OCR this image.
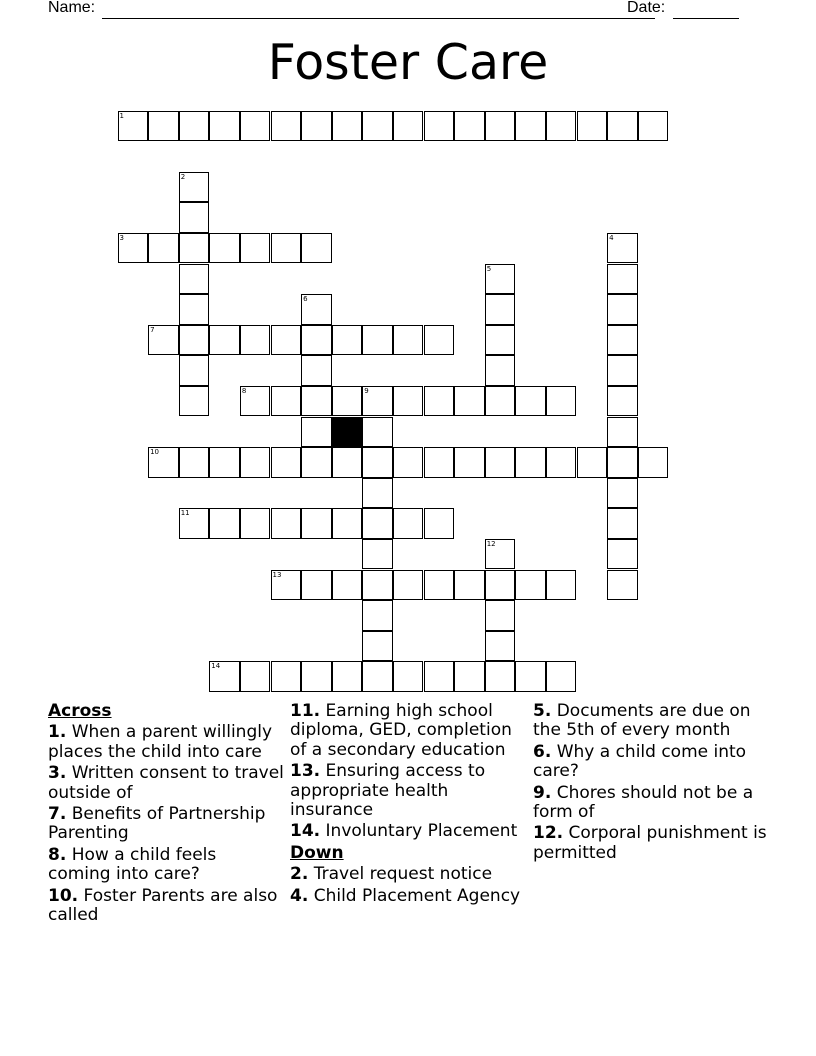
Name:	Date:
Foster Care
1
2
3	4
5
6
7
8	9
10
11
12
13
14
Across
1. When a parent willingly places the child into care
3. Written consent to travel outside of
7. Benefits of Partnership Parenting
8. How a child feels coming into care?
10. Foster Parents are also called
11. Earning high school diploma, GED, completion of a secondary education
13. Ensuring access to appropriate health insurance
14. Involuntary Placement
Down
2. Travel request notice
4. Child Placement Agency
5. Documents are due on the 5th of every month
6. Why a child come into care?
9. Chores should not be a form of
12. Corporal punishment is permitted
